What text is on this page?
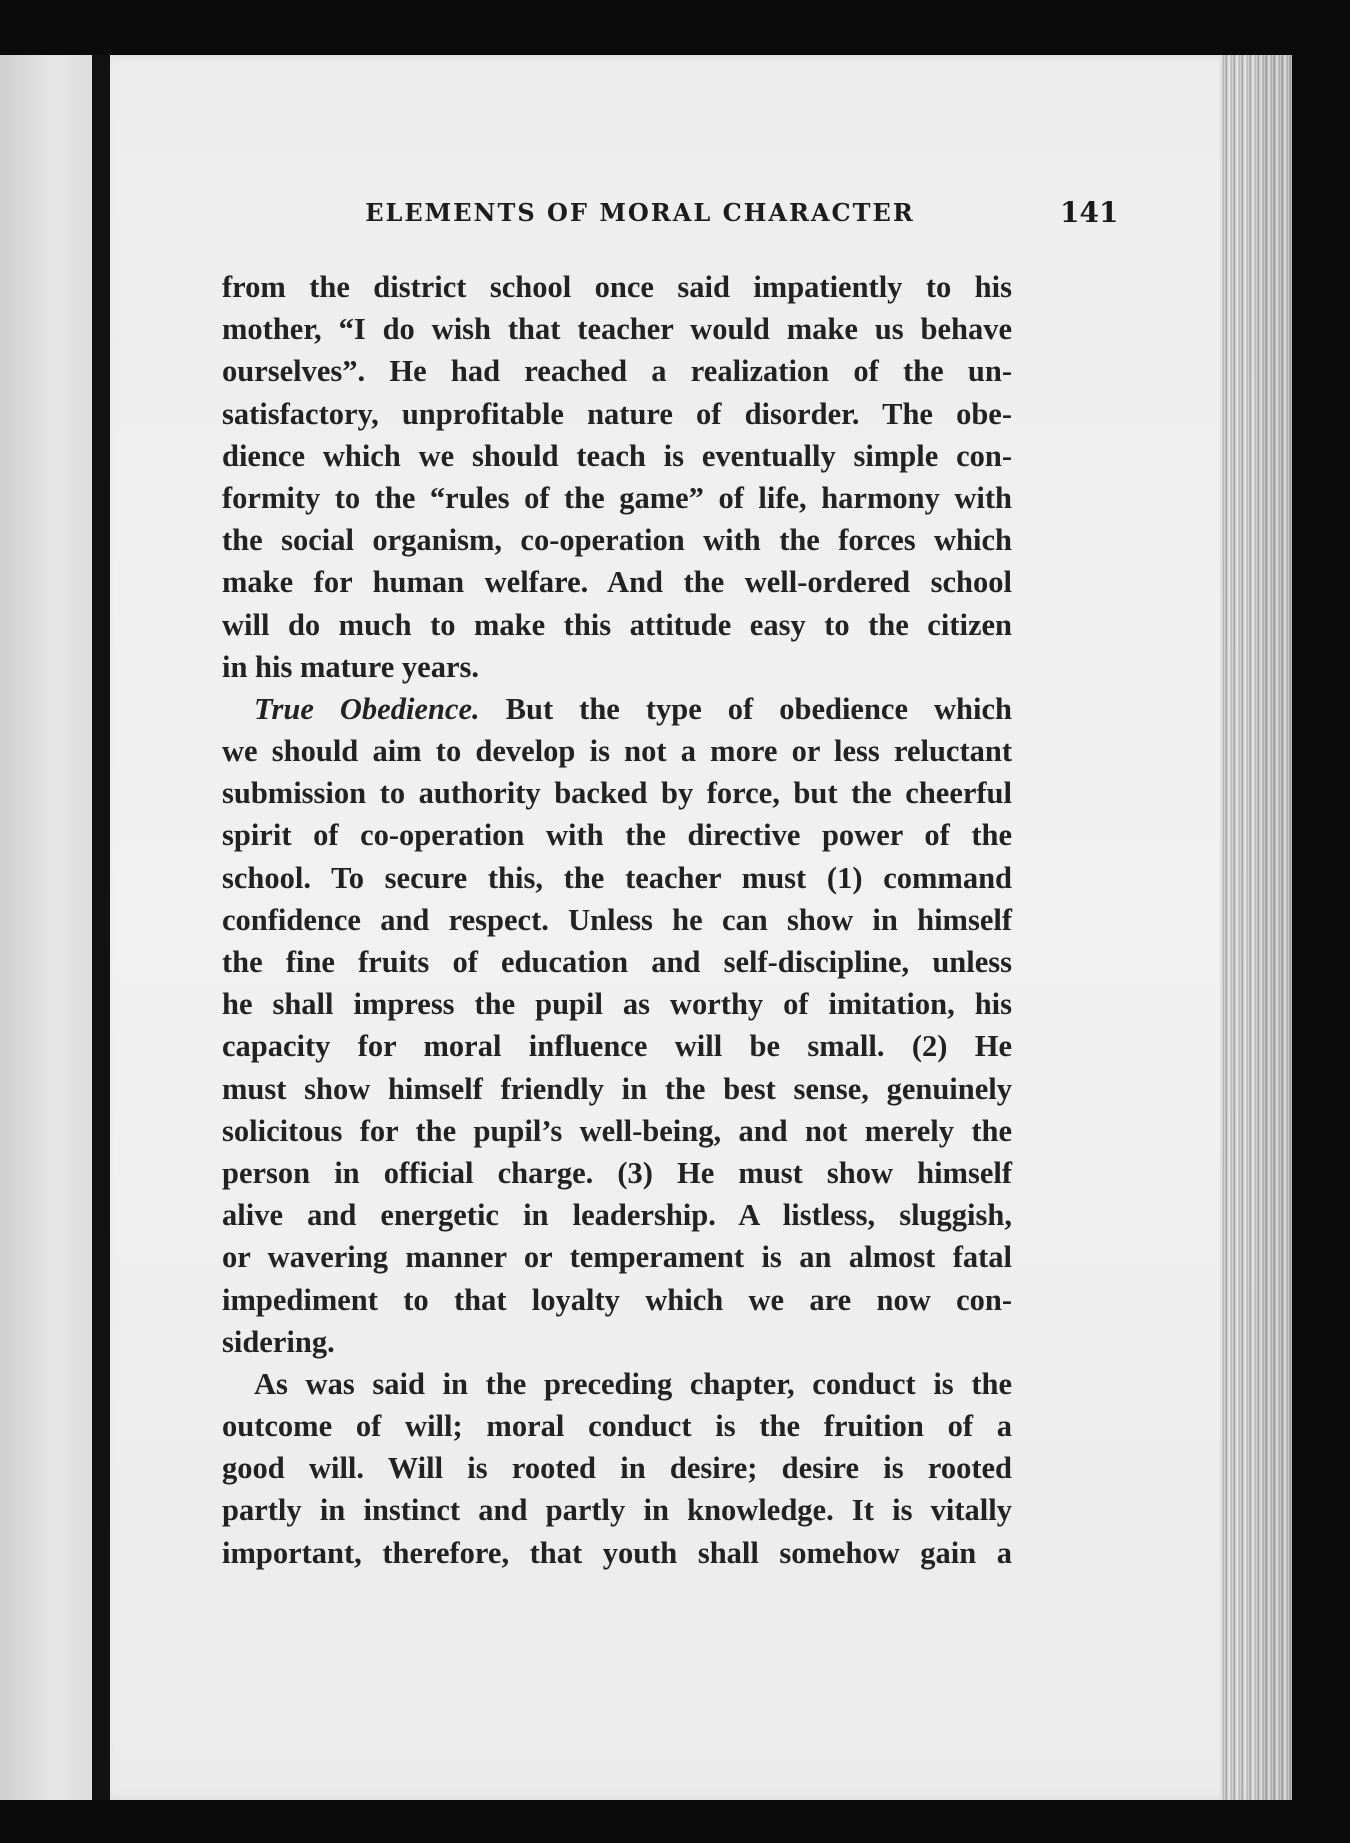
ELEMENTS OF MORAL CHARACTER	141
from the district school once said impatiently to his
mother, “I do wish that teacher would make us behave
ourselves”. He had reached a realization of the un-
satisfactory, unprofitable nature of disorder. The obe-
dience which we should teach is eventually simple con-
formity to the “rules of the game” of life, harmony with
the social organism, co-operation with the forces which
make for human welfare. And the well-ordered school
will do much to make this attitude easy to the citizen
in his mature years.
True Obedience. But the type of obedience which
we should aim to develop is not a more or less reluctant
submission to authority backed by force, but the cheerful
spirit of co-operation with the directive power of the
school. To secure this, the teacher must (1) command
confidence and respect. Unless he can show in himself
the fine fruits of education and self-discipline, unless
he shall impress the pupil as worthy of imitation, his
capacity for moral influence will be small. (2) He
must show himself friendly in the best sense, genuinely
solicitous for the pupil’s well-being, and not merely the
person in official charge. (3) He must show himself
alive and energetic in leadership. A listless, sluggish,
or wavering manner or temperament is an almost fatal
impediment to that loyalty which we are now con-
sidering.
As was said in the preceding chapter, conduct is the
outcome of will; moral conduct is the fruition of a
good will. Will is rooted in desire; desire is rooted
partly in instinct and partly in knowledge. It is vitally
important, therefore, that youth shall somehow gain a
